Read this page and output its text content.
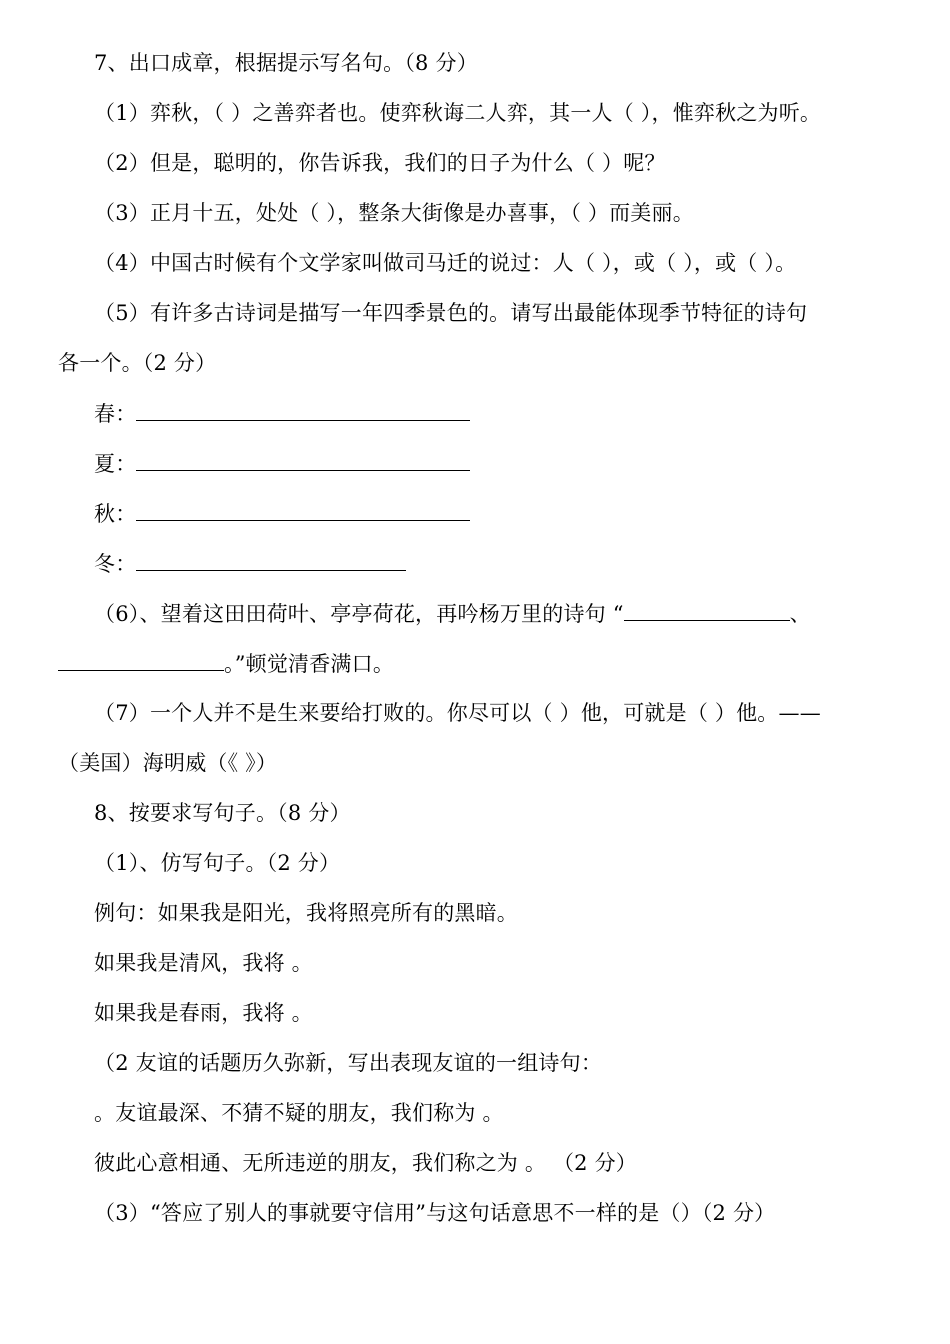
7、出口成章，根据提示写名句。（8 分）
（1）弈秋，（ ）之善弈者也。使弈秋诲二人弈，其一人（ ），惟弈秋之为听。
（2）但是，聪明的，你告诉我，我们的日子为什么（ ）呢？
（3）正月十五，处处（ ），整条大街像是办喜事，（ ）而美丽。
（4）中国古时候有个文学家叫做司马迁的说过：人（ ），或（ ），或（ ）。
（5）有许多古诗词是描写一年四季景色的。请写出最能体现季节特征的诗句
各一个。（2 分）
春：
夏：
秋：
冬：
（6）、望着这田田荷叶、亭亭荷花，再吟杨万里的诗句 “	、
。”顿觉清香满口。
（7）一个人并不是生来要给打败的。你尽可以（ ）他，可就是（ ）他。——
（美国）海明威（《 》）
8、按要求写句子。（8 分）
（1）、仿写句子。（2 分）
例句：如果我是阳光，我将照亮所有的黑暗。
如果我是清风，我将 。
如果我是春雨，我将 。
（2 友谊的话题历久弥新，写出表现友谊的一组诗句：
。友谊最深、不猜不疑的朋友，我们称为 。
彼此心意相通、无所违逆的朋友，我们称之为 。 （2 分）
（3）“答应了别人的事就要守信用”与这句话意思不一样的是（）（2 分）
